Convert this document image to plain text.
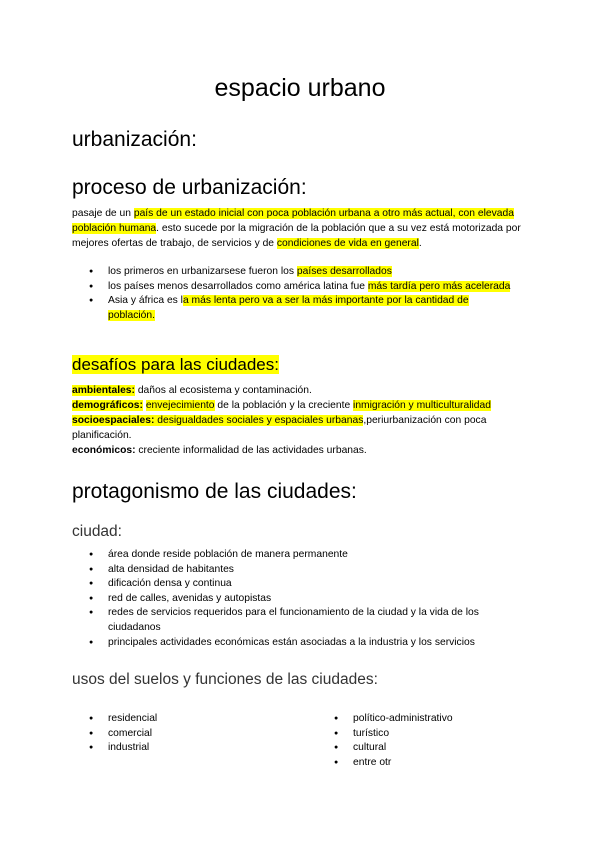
espacio urbano
urbanización:
proceso de urbanización:

pasaje de un país de un estado inicial con poca población urbana a otro más actual, con elevada población humana. esto sucede por la migración de la población que a su vez está motorizada por mejores ofertas de trabajo, de servicios y de condiciones de vida en general.

● los primeros en urbanizarsese fueron los países desarrollados
● los países menos desarrollados como américa latina fue más tardía pero más acelerada
● Asia y áfrica es la más lenta pero va a ser la más importante por la cantidad de población.
desafíos para las ciudades:
ambientales: daños al ecosistema y contaminación.
demográficos: envejecimiento de la población y la creciente inmigración y multiculturalidad
socioespaciales: desigualdades sociales y espaciales urbanas,periurbanización con poca planificación.
económicos: creciente informalidad de las actividades urbanas.
protagonismo de las ciudades:
ciudad:
● área donde reside población de manera permanente
● alta densidad de habitantes
● dificación densa y continua
● red de calles, avenidas y autopistas
● redes de servicios requeridos para el funcionamiento de la ciudad y la vida de los ciudadanos
● principales actividades económicas están asociadas a la industria y los servicios
usos del suelos y funciones de las ciudades:
● residencial
● comercial
● industrial
● político-administrativo
● turístico
● cultural
● entre otr
